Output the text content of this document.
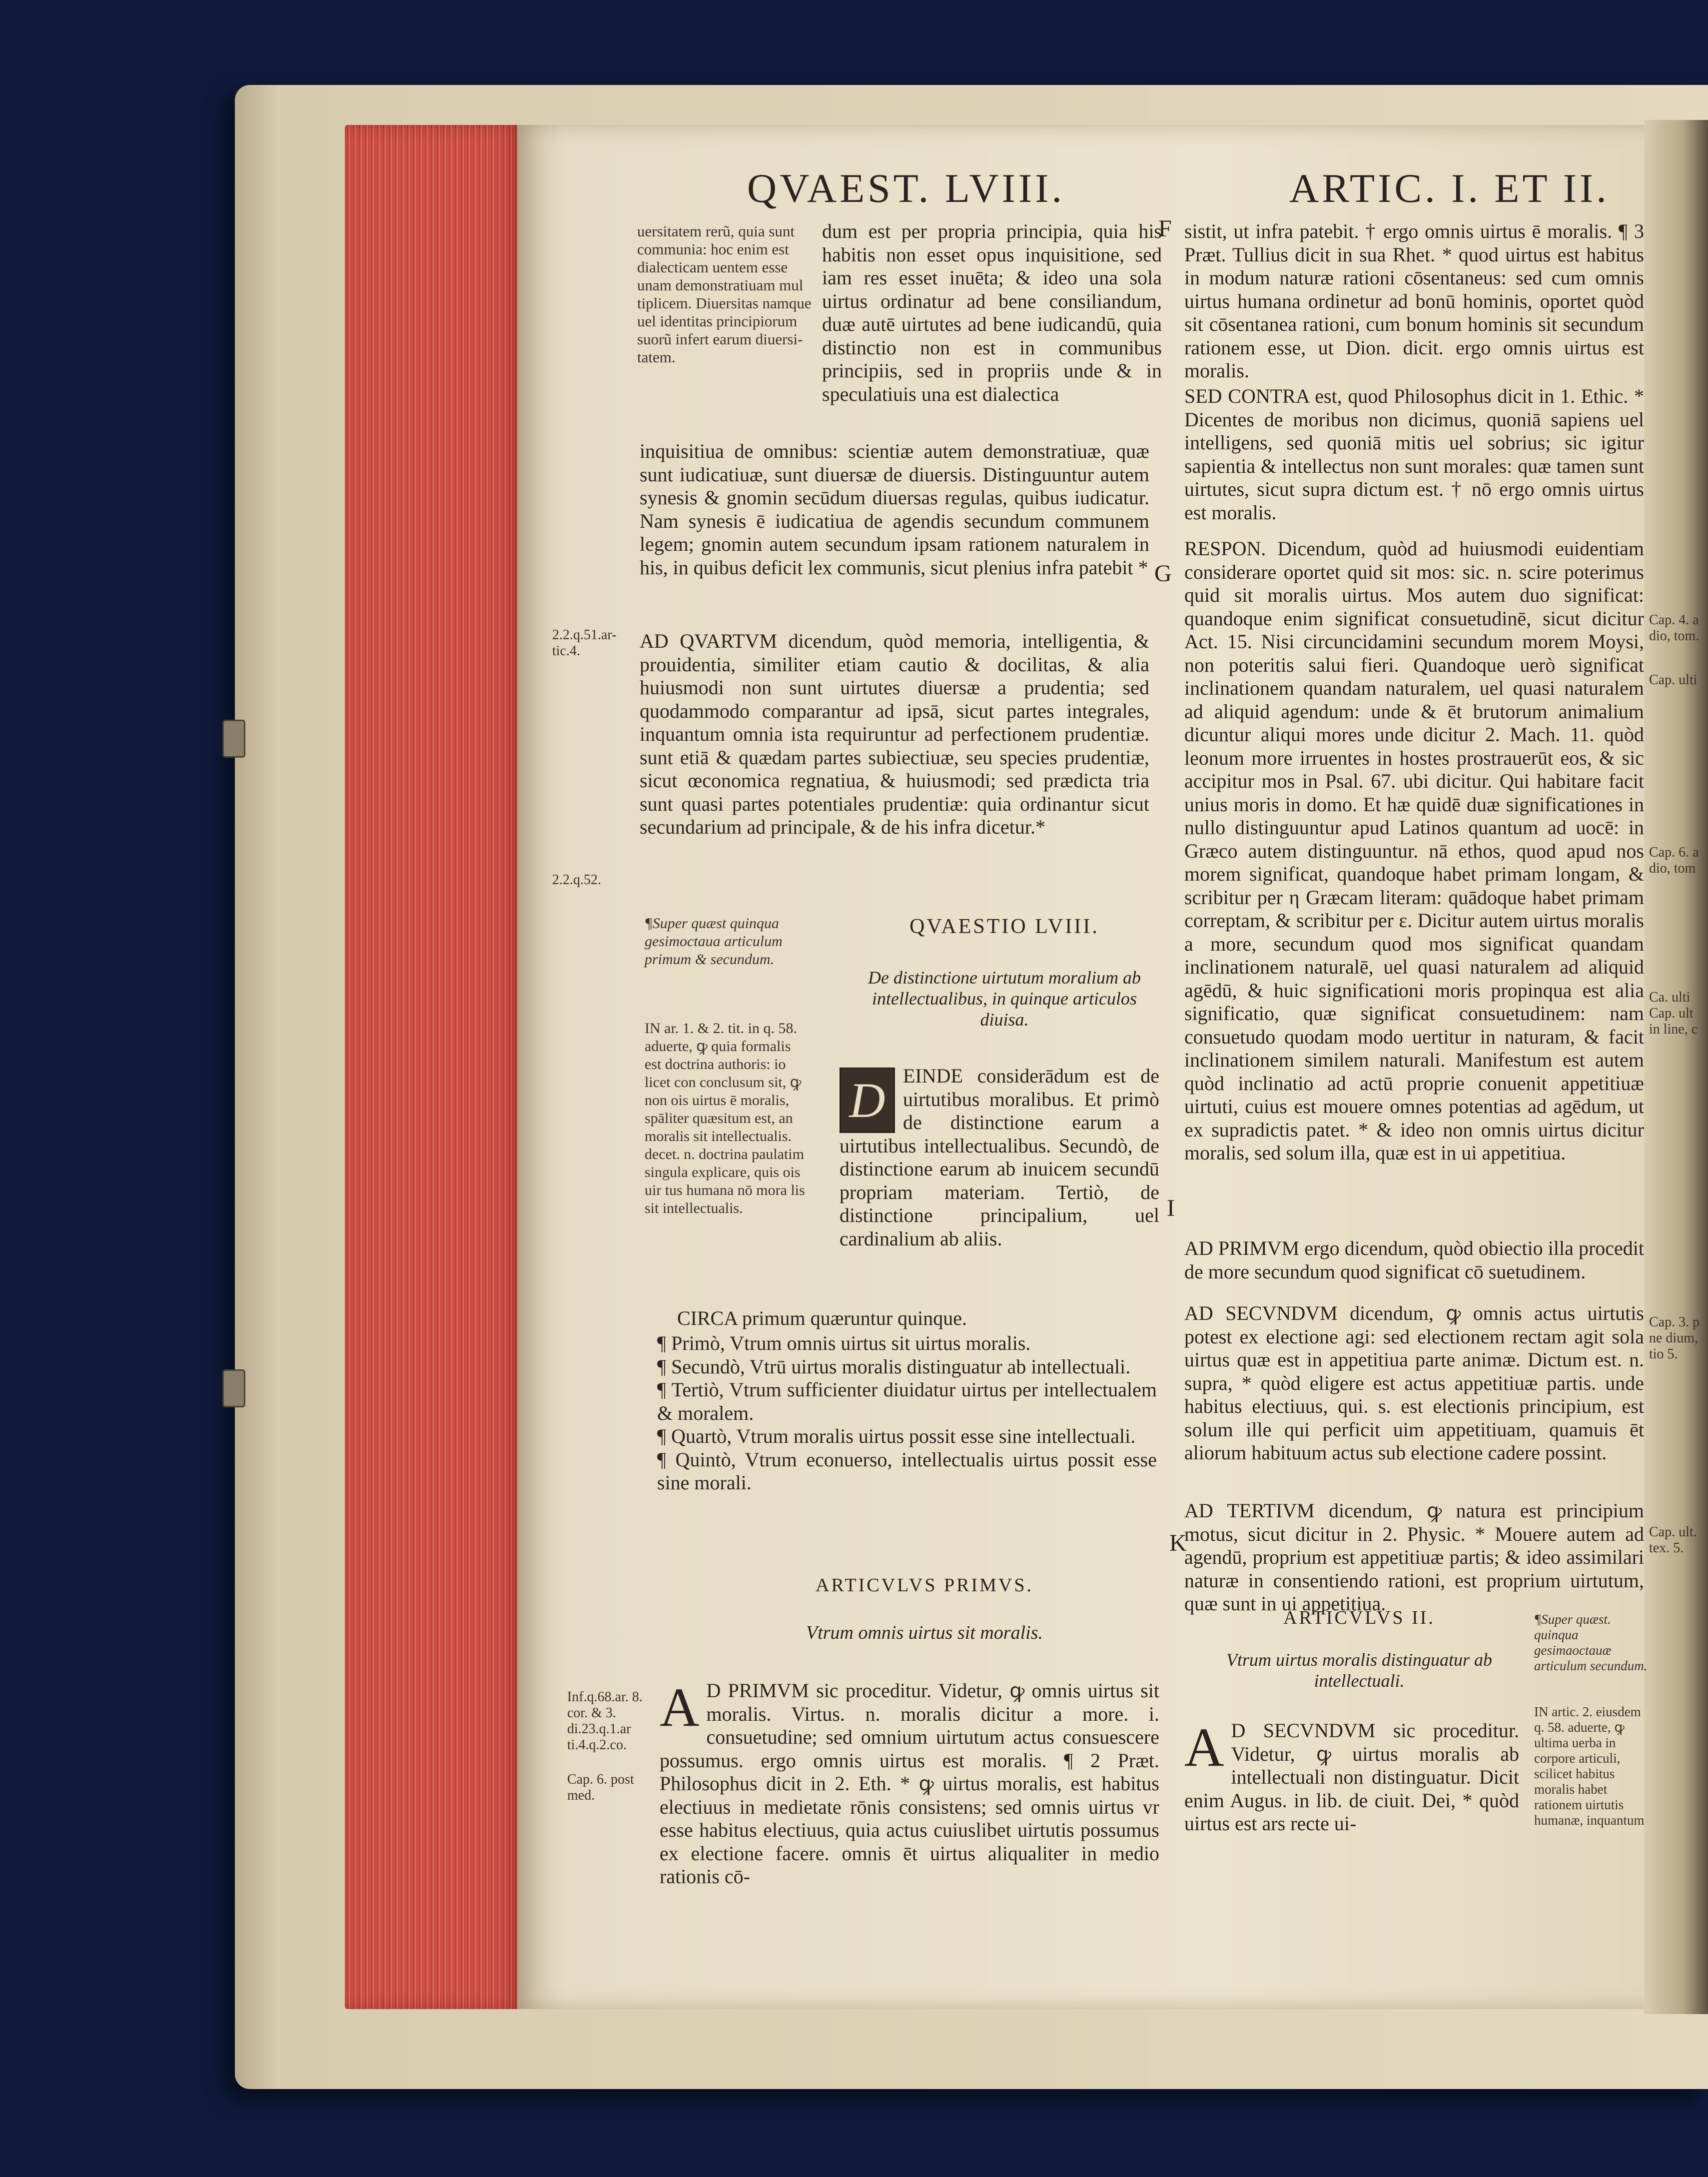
QVAEST. LVIII.	ARTIC. I. ET II.
uersitatem rerũ, quia sunt communia: hoc enim est dialecticam uentem esse unam demonstratiuam mul tiplicem. Diuersitas namque uel identitas principiorum suorũ infert earum diuersi-tatem.
dum est per propria principia, quia his habitis non esset opus inquisitione, sed iam res esset inuēta; & ideo una sola uirtus ordinatur ad bene consiliandum, duæ autē uirtutes ad bene iudicandū, quia distinctio non est in communibus principiis, sed in propriis unde & in speculatiuis una est dialectica
F
inquisitiua de omnibus: scientiæ autem demonstratiuæ, quæ sunt iudicatiuæ, sunt diuersæ de diuersis. Distinguuntur autem synesis & gnomin secūdum diuersas regulas, quibus iudicatur. Nam synesis ē iudicatiua de agendis secundum communem legem; gnomin autem secundum ipsam rationem naturalem in his, in quibus deficit lex communis, sicut plenius infra patebit * G
2.2.q.51.ar-tic.4.	AD QVARTVM dicendum, quòd memoria, intelligentia, & prouidentia, similiter etiam cautio & docilitas, & alia huiusmodi non sunt uirtutes diuersæ a prudentia; sed quodammodo comparantur ad ipsā, sicut partes integrales, inquantum omnia ista requiruntur ad perfectionem prudentiæ. sunt etiā & quædam partes subiectiuæ, seu species prudentiæ, sicut œconomica regnatiua, & huiusmodi; sed prædicta tria sunt quasi partes potentiales prudentiæ: quia ordinantur sicut secundarium ad principale, & de his infra dicetur.*
2.2.q.52.
¶Super quæst quinqua gesimoctaua articulum primum & secundum.
IN ar. 1. & 2. tit. in q. 58. aduerte, ꝙ quia formalis est doctrina authoris: io licet con conclusum sit, ꝙ non ois uirtus ē moralis, spāliter quæsitum est, an moralis sit intellectualis. decet. n. doctrina paulatim singula explicare, quis ois uir tus humana nō mora lis sit intellectualis.
QVAESTIO LVIII.
De distinctione uirtutum moralium ab intellectualibus, in quinque articulos diuisa.
D EINDE considerādum est de uirtutibus moralibus. Et primò de distinctione earum a uirtutibus intellectualibus. Secundò, de distinctione earum ab inuicem secundū propriam materiam. Tertiò, de distinctione principalium, uel cardinalium ab aliis.
I
CIRCA primum quæruntur quinque.

¶ Primò, Vtrum omnis uirtus sit uirtus moralis.

¶ Secundò, Vtrū uirtus moralis distinguatur ab intellectuali.

¶ Tertiò, Vtrum sufficienter diuidatur uirtus per intellectualem & moralem.

¶ Quartò, Vtrum moralis uirtus possit esse sine intellectuali.

¶ Quintò, Vtrum econuerso, intellectualis uirtus possit esse sine morali.

ARTICVLVS PRIMVS.
Vtrum omnis uirtus sit moralis.
Inf.q.68.ar. 8. cor. & 3. di.23.q.1.ar ti.4.q.2.co.
Cap. 6. post med.
A D PRIMVM sic proceditur. Videtur, ꝙ omnis uirtus sit moralis. Virtus. n. moralis dicitur a more. i. consuetudine; sed omnium uirtutum actus consuescere possumus. ergo omnis uirtus est moralis. ¶ 2 Præt. Philosophus dicit in 2. Eth. * ꝙ uirtus moralis, est habitus electiuus in medietate rōnis consistens; sed omnis uirtus vr esse habitus electiuus, quia actus cuiuslibet uirtutis possumus ex electione facere. omnis ēt uirtus aliqualiter in medio rationis cō-
sistit, ut infra patebit. † ergo omnis uirtus ē moralis. ¶ 3 Præt. Tullius dicit in sua Rhet. * quod uirtus est habitus in modum naturæ rationi cōsentaneus: sed cum omnis uirtus humana ordinetur ad bonū hominis, oportet quòd sit cōsentanea rationi, cum bonum hominis sit secundum rationem esse, ut Dion. dicit. ergo omnis uirtus est moralis.
SED CONTRA est, quod Philosophus dicit in 1. Ethic. * Dicentes de moribus non dicimus, quoniā sapiens uel intelligens, sed quoniā mitis uel sobrius; sic igitur sapientia & intellectus non sunt morales: quæ tamen sunt uirtutes, sicut supra dictum est. † nō ergo omnis uirtus est moralis.
RESPON. Dicendum, quòd ad huiusmodi euidentiam considerare oportet quid sit mos: sic. n. scire poterimus quid sit moralis uirtus. Mos autem duo significat: quandoque enim significat consuetudinē, sicut dicitur Act. 15. Nisi circuncidamini secundum morem Moysi, non poteritis salui fieri. Quandoque uerò significat inclinationem quandam naturalem, uel quasi naturalem ad aliquid agendum: unde & ēt brutorum animalium dicuntur aliqui mores unde dicitur 2. Mach. 11. quòd leonum more irruentes in hostes prostrauerūt eos, & sic accipitur mos in Psal. 67. ubi dicitur. Qui habitare facit unius moris in domo. Et hæ quidē duæ significationes in nullo distinguuntur apud Latinos quantum ad uocē: in Græco autem distinguuntur. nā ethos, quod apud nos morem significat, quandoque habet primam longam, & scribitur per η Græcam literam: quādoque habet primam correptam, & scribitur per ε. Dicitur autem uirtus moralis a more, secundum quod mos significat quandam inclinationem naturalē, uel quasi naturalem ad aliquid agēdū, & huic significationi moris propinqua est alia significatio, quæ significat consuetudinem: nam consuetudo quodam modo uertitur in naturam, & facit inclinationem similem naturali. Manifestum est autem quòd inclinatio ad actū proprie conuenit appetitiuæ uirtuti, cuius est mouere omnes potentias ad agēdum, ut ex supradictis patet. * & ideo non omnis uirtus dicitur moralis, sed solum illa, quæ est in ui appetitiua.
AD PRIMVM ergo dicendum, quòd obiectio illa procedit de more secundum quod significat cō suetudinem.
AD SECVNDVM dicendum, ꝙ omnis actus uirtutis potest ex electione agi: sed electionem rectam agit sola uirtus quæ est in appetitiua parte animæ. Dictum est. n. supra, * quòd eligere est actus appetitiuæ partis. unde habitus electiuus, qui. s. est electionis principium, est solum ille qui perficit uim appetitiuam, quamuis ēt aliorum habituum actus sub electione cadere possint.
K
AD TERTIVM dicendum, ꝙ natura est principium motus, sicut dicitur in 2. Physic. * Mouere autem ad agendū, proprium est appetitiuæ partis; & ideo assimilari naturæ in consentiendo rationi, est proprium uirtutum, quæ sunt in ui appetitiua.
ARTICVLVS II.
Vtrum uirtus moralis distinguatur ab intellectuali.
A D SECVNDVM sic proceditur. Videtur, ꝙ uirtus moralis ab intellectuali non distinguatur. Dicit enim Augus. in lib. de ciuit. Dei, * quòd uirtus est ars recte ui-
Cap. 4. a dio, tom.
Cap. ulti
Cap. 6. a dio, tom
Ca. ulti Cap. ult in line, c
Cap. 3. p ne dium, tio 5.
Cap. ult. tex. 5.
¶Super quæst. quinqua gesimaoctauæ articulum secundum.
IN artic. 2. eiusdem q. 58. aduerte, ꝙ ultima uerba in corpore articuli, scilicet habitus moralis habet rationem uirtutis humanæ, inquantum
